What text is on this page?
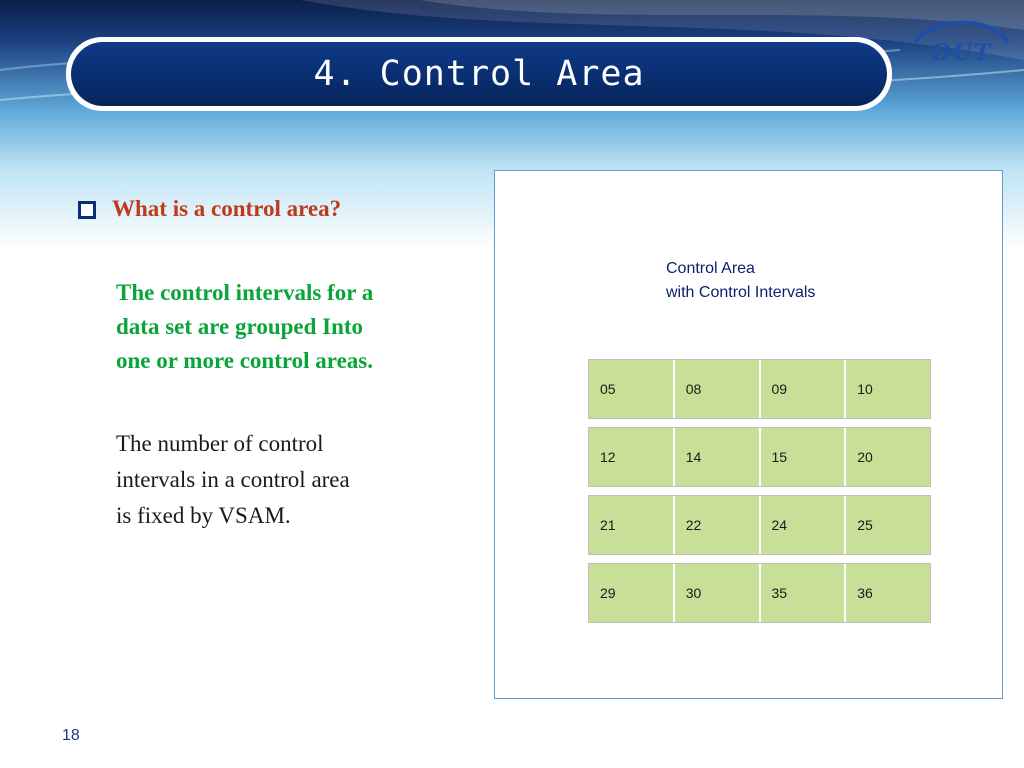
4. Control Area
DUT
What is a control area?
The control intervals for a
data set are grouped Into
one or more control areas.
The number of control
intervals in a control area
is fixed by VSAM.
Control Area
with Control Intervals
05	08	09	10
12	14	15	20
21	22	24	25
29	30	35	36
18
